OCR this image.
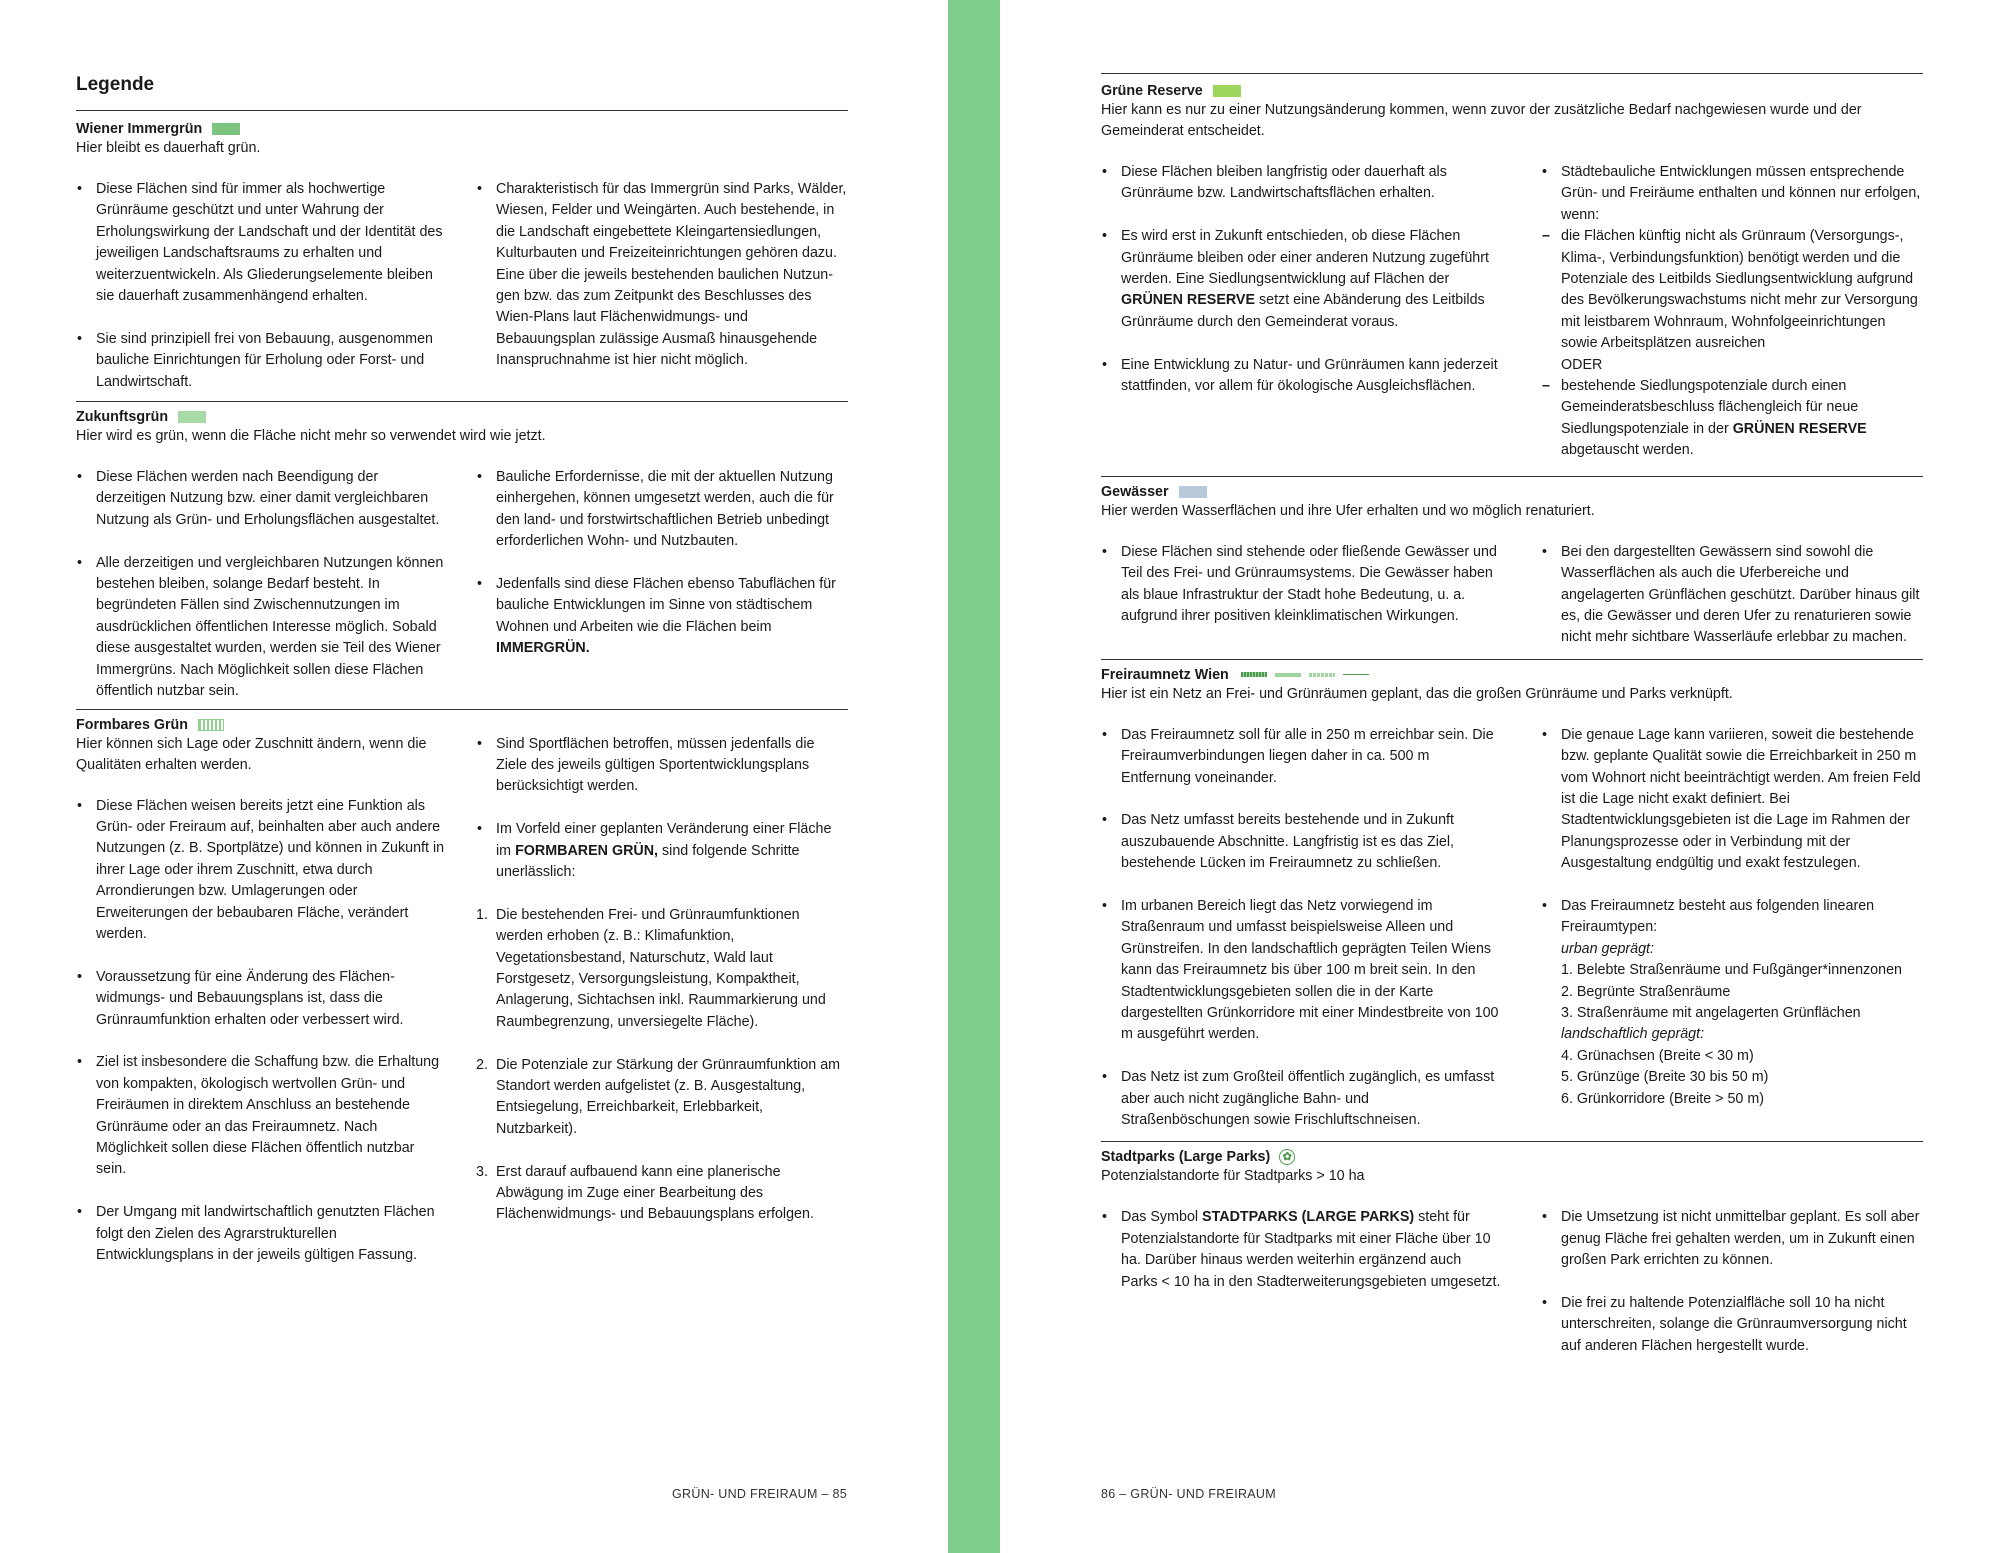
Legende
Wiener Immergrün
Hier bleibt es dauerhaft grün.
• Diese Flächen sind für immer als hochwertige Grünräume geschützt und unter Wahrung der Erholungswirkung der Landschaft und der Identität des jeweiligen Landschaftsraums zu erhalten und weiterzuentwickeln. Als Gliederungselemente bleiben sie dauerhaft zusammenhängend erhalten.
• Sie sind prinzipiell frei von Bebauung, ausgenommen bauliche Einrichtungen für Erholung oder Forst- und Landwirtschaft.
• Charakteristisch für das Immergrün sind Parks, Wälder, Wiesen, Felder und Weingärten. Auch bestehende, in die Landschaft eingebettete Kleingartensiedlungen, Kulturbauten und Freizeiteinrichtungen gehören dazu. Eine über die jeweils bestehenden baulichen Nutzungen bzw. das zum Zeitpunkt des Beschlusses des Wien-Plans laut Flächenwidmungs- und Bebauungsplan zulässige Ausmaß hinausgehende Inanspruchnahme ist hier nicht möglich.
Zukunftsgrün
Hier wird es grün, wenn die Fläche nicht mehr so verwendet wird wie jetzt.
• Diese Flächen werden nach Beendigung der derzeitigen Nutzung bzw. einer damit vergleichbaren Nutzung als Grün- und Erholungsflächen ausgestaltet.
• Alle derzeitigen und vergleichbaren Nutzungen können bestehen bleiben, solange Bedarf besteht. In begründeten Fällen sind Zwischennutzungen im ausdrücklichen öffentlichen Interesse möglich. Sobald diese ausgestaltet wurden, werden sie Teil des Wiener Immergrüns. Nach Möglichkeit sollen diese Flächen öffentlich nutzbar sein.
• Bauliche Erfordernisse, die mit der aktuellen Nutzung einhergehen, können umgesetzt werden, auch die für den land- und forstwirtschaftlichen Betrieb unbedingt erforderlichen Wohn- und Nutzbauten.
• Jedenfalls sind diese Flächen ebenso Tabuflächen für bauliche Entwicklungen im Sinne von städtischem Wohnen und Arbeiten wie die Flächen beim IMMERGRÜN.
Formbares Grün
Hier können sich Lage oder Zuschnitt ändern, wenn die Qualitäten erhalten werden.
• Diese Flächen weisen bereits jetzt eine Funktion als Grün- oder Freiraum auf, beinhalten aber auch andere Nutzungen (z. B. Sportplätze) und können in Zukunft in ihrer Lage oder ihrem Zuschnitt, etwa durch Arrondierungen bzw. Umlagerungen oder Erweiterungen der bebaubaren Fläche, verändert werden.
• Voraussetzung für eine Änderung des Flächenwidmungs- und Bebauungsplans ist, dass die Grünraumfunktion erhalten oder verbessert wird.
• Ziel ist insbesondere die Schaffung bzw. die Erhaltung von kompakten, ökologisch wertvollen Grün- und Freiräumen in direktem Anschluss an bestehende Grünräume oder an das Freiraumnetz. Nach Möglichkeit sollen diese Flächen öffentlich nutzbar sein.
• Der Umgang mit landwirtschaftlich genutzten Flächen folgt den Zielen des Agrarstrukturellen Entwicklungsplans in der jeweils gültigen Fassung.
• Sind Sportflächen betroffen, müssen jedenfalls die Ziele des jeweils gültigen Sportentwicklungsplans berücksichtigt werden.
• Im Vorfeld einer geplanten Veränderung einer Fläche im FORMBAREN GRÜN, sind folgende Schritte unerlässlich:
1. Die bestehenden Frei- und Grünraumfunktionen werden erhoben (z. B.: Klimafunktion, Vegetationsbestand, Naturschutz, Wald laut Forstgesetz, Versorgungsleistung, Kompaktheit, Anlagerung, Sichtachsen inkl. Raummarkierung und Raumbegrenzung, unversiegelte Fläche).
2. Die Potenziale zur Stärkung der Grünraumfunktion am Standort werden aufgelistet (z. B. Ausgestaltung, Entsiegelung, Erreichbarkeit, Erlebbarkeit, Nutzbarkeit).
3. Erst darauf aufbauend kann eine planerische Abwägung im Zuge einer Bearbeitung des Flächenwidmungs- und Bebauungsplans erfolgen.
GRÜN- UND FREIRAUM – 85
Grüne Reserve
Hier kann es nur zu einer Nutzungsänderung kommen, wenn zuvor der zusätzliche Bedarf nachgewiesen wurde und der Gemeinderat entscheidet.
• Diese Flächen bleiben langfristig oder dauerhaft als Grünräume bzw. Landwirtschaftsflächen erhalten.
• Es wird erst in Zukunft entschieden, ob diese Flächen Grünräume bleiben oder einer anderen Nutzung zugeführt werden. Eine Siedlungsentwicklung auf Flächen der GRÜNEN RESERVE setzt eine Abänderung des Leitbilds Grünräume durch den Gemeinderat voraus.
• Eine Entwicklung zu Natur- und Grünräumen kann jederzeit stattfinden, vor allem für ökologische Ausgleichsflächen.
• Städtebauliche Entwicklungen müssen entsprechende Grün- und Freiräume enthalten und können nur erfolgen, wenn:
– die Flächen künftig nicht als Grünraum (Versorgungs-, Klima-, Verbindungsfunktion) benötigt werden und die Potenziale des Leitbilds Siedlungsentwicklung aufgrund des Bevölkerungswachstums nicht mehr zur Versorgung mit leistbarem Wohnraum, Wohnfolgeeinrichtungen sowie Arbeitsplätzen ausreichen
ODER
– bestehende Siedlungspotenziale durch einen Gemeinderatsbeschluss flächengleich für neue Siedlungspotenziale in der GRÜNEN RESERVE abgetauscht werden.
Gewässer
Hier werden Wasserflächen und ihre Ufer erhalten und wo möglich renaturiert.
• Diese Flächen sind stehende oder fließende Gewässer und Teil des Frei- und Grünraumsystems. Die Gewässer haben als blaue Infrastruktur der Stadt hohe Bedeutung, u. a. aufgrund ihrer positiven kleinklimatischen Wirkungen.
• Bei den dargestellten Gewässern sind sowohl die Wasserflächen als auch die Uferbereiche und angelagerten Grünflächen geschützt. Darüber hinaus gilt es, die Gewässer und deren Ufer zu renaturieren sowie nicht mehr sichtbare Wasserläufe erlebbar zu machen.
Freiraumnetz Wien
Hier ist ein Netz an Frei- und Grünräumen geplant, das die großen Grünräume und Parks verknüpft.
• Das Freiraumnetz soll für alle in 250 m erreichbar sein. Die Freiraumverbindungen liegen daher in ca. 500 m Entfernung voneinander.
• Das Netz umfasst bereits bestehende und in Zukunft auszubauende Abschnitte. Langfristig ist es das Ziel, bestehende Lücken im Freiraumnetz zu schließen.
• Im urbanen Bereich liegt das Netz vorwiegend im Straßenraum und umfasst beispielsweise Alleen und Grünstreifen. In den landschaftlich geprägten Teilen Wiens kann das Freiraumnetz bis über 100 m breit sein. In den Stadtentwicklungsgebieten sollen die in der Karte dargestellten Grünkorridore mit einer Mindestbreite von 100 m ausgeführt werden.
• Das Netz ist zum Großteil öffentlich zugänglich, es umfasst aber auch nicht zugängliche Bahn- und Straßenböschungen sowie Frischluftschneisen.
• Die genaue Lage kann variieren, soweit die bestehende bzw. geplante Qualität sowie die Erreichbarkeit in 250 m vom Wohnort nicht beeinträchtigt werden. Am freien Feld ist die Lage nicht exakt definiert. Bei Stadtentwicklungsgebieten ist die Lage im Rahmen der Planungsprozesse oder in Verbindung mit der Ausgestaltung endgültig und exakt festzulegen.
• Das Freiraumnetz besteht aus folgenden linearen Freiraumtypen:
urban geprägt:
1. Belebte Straßenräume und Fußgänger*innenzonen
2. Begrünte Straßenräume
3. Straßenräume mit angelagerten Grünflächen
landschaftlich geprägt:
4. Grünachsen (Breite < 30 m)
5. Grünzüge (Breite 30 bis 50 m)
6. Grünkorridore (Breite > 50 m)
Stadtparks (Large Parks)	✿
Potenzialstandorte für Stadtparks > 10 ha
• Das Symbol STADTPARKS (LARGE PARKS) steht für Potenzialstandorte für Stadtparks mit einer Fläche über 10 ha. Darüber hinaus werden weiterhin ergänzend auch Parks < 10 ha in den Stadterweiterungsgebieten umgesetzt.
• Die Umsetzung ist nicht unmittelbar geplant. Es soll aber genug Fläche frei gehalten werden, um in Zukunft einen großen Park errichten zu können.
• Die frei zu haltende Potenzialfläche soll 10 ha nicht unterschreiten, solange die Grünraumversorgung nicht auf anderen Flächen hergestellt wurde.
86 – GRÜN- UND FREIRAUM
